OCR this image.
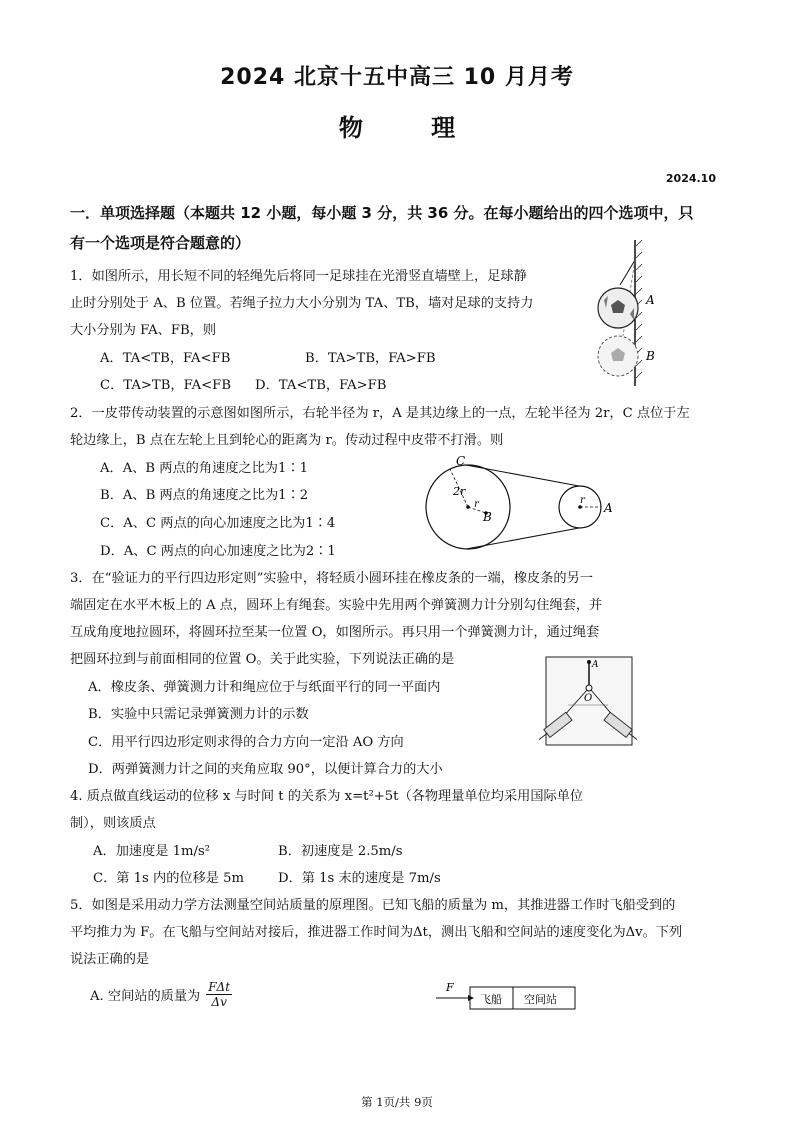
2024 北京十五中高三 10 月月考
物 理
2024.10
一．单项选择题（本题共 12 小题，每小题 3 分，共 36 分。在每小题给出的四个选项中，只
有一个选项是符合题意的）
1．如图所示，用长短不同的轻绳先后将同一足球挂在光滑竖直墙壁上，足球静
止时分别处于 A、B 位置。若绳子拉力大小分别为 TA、TB，墙对足球的支持力
大小分别为 FA、FB，则
A．TA<TB，FA<FB	B．TA>TB，FA>FB
C．TA>TB，FA<FB D．TA<TB，FA>FB
A
B
2．一皮带传动装置的示意图如图所示，右轮半径为 r，A 是其边缘上的一点，左轮半径为 2r，C 点位于左
轮边缘上，B 点在左轮上且到轮心的距离为 r。传动过程中皮带不打滑。则
A．A、B 两点的角速度之比为1∶1
B．A、B 两点的角速度之比为1∶2
C．A、C 两点的向心加速度之比为1∶4
D．A、C 两点的向心加速度之比为2∶1
C
2r
r
B
r
A
3．在“验证力的平行四边形定则”实验中，将轻质小圆环挂在橡皮条的一端，橡皮条的另一
端固定在水平木板上的 A 点，圆环上有绳套。实验中先用两个弹簧测力计分别勾住绳套，并
互成角度地拉圆环，将圆环拉至某一位置 O，如图所示。再只用一个弹簧测力计，通过绳套
把圆环拉到与前面相同的位置 O。关于此实验，下列说法正确的是
A．橡皮条、弹簧测力计和绳应位于与纸面平行的同一平面内
B．实验中只需记录弹簧测力计的示数
C．用平行四边形定则求得的合力方向一定沿 AO 方向
D．两弹簧测力计之间的夹角应取 90°，以便计算合力的大小
A
O
4. 质点做直线运动的位移 x 与时间 t 的关系为 x=t²+5t（各物理量单位均采用国际单位
制），则该质点
A．加速度是 1m/s²	B．初速度是 2.5m/s
C．第 1s 内的位移是 5m	D．第 1s 末的速度是 7m/s
5．如图是采用动力学方法测量空间站质量的原理图。已知飞船的质量为 m，其推进器工作时飞船受到的
平均推力为 F。在飞船与空间站对接后，推进器工作时间为Δt，测出飞船和空间站的速度变化为Δv。下列
说法正确的是
A. 空间站的质量为 $\frac{\text{FΔt}}{\Delta v}$	F
飞船 空间站
第 1页/共 9页
